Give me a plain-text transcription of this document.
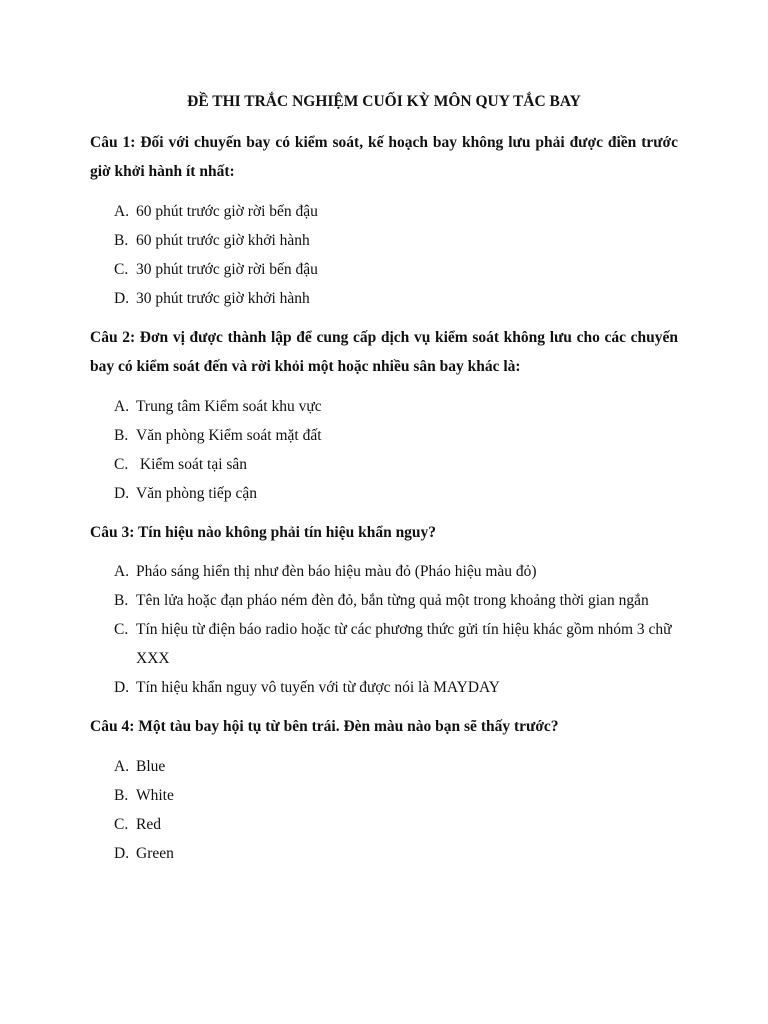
ĐỀ THI TRẮC NGHIỆM CUỐI KỲ MÔN QUY TẮC BAY

Câu 1: Đối với chuyến bay có kiểm soát, kế hoạch bay không lưu phải được điền trước giờ khởi hành ít nhất:

A. 60 phút trước giờ rời bến đậu
B. 60 phút trước giờ khởi hành
C. 30 phút trước giờ rời bến đậu
D. 30 phút trước giờ khởi hành

Câu 2: Đơn vị được thành lập để cung cấp dịch vụ kiểm soát không lưu cho các chuyến bay có kiểm soát đến và rời khỏi một hoặc nhiều sân bay khác là:

A. Trung tâm Kiểm soát khu vực
B. Văn phòng Kiểm soát mặt đất
C. Kiểm soát tại sân
D. Văn phòng tiếp cận

Câu 3: Tín hiệu nào không phải tín hiệu khẩn nguy?

A. Pháo sáng hiển thị như đèn báo hiệu màu đỏ (Pháo hiệu màu đỏ)
B. Tên lửa hoặc đạn pháo ném đèn đỏ, bắn từng quả một trong khoảng thời gian ngắn
C. Tín hiệu từ điện báo radio hoặc từ các phương thức gửi tín hiệu khác gồm nhóm 3 chữ XXX
D. Tín hiệu khẩn nguy vô tuyến với từ được nói là MAYDAY

Câu 4: Một tàu bay hội tụ từ bên trái. Đèn màu nào bạn sẽ thấy trước?

A. Blue
B. White
C. Red
D. Green
